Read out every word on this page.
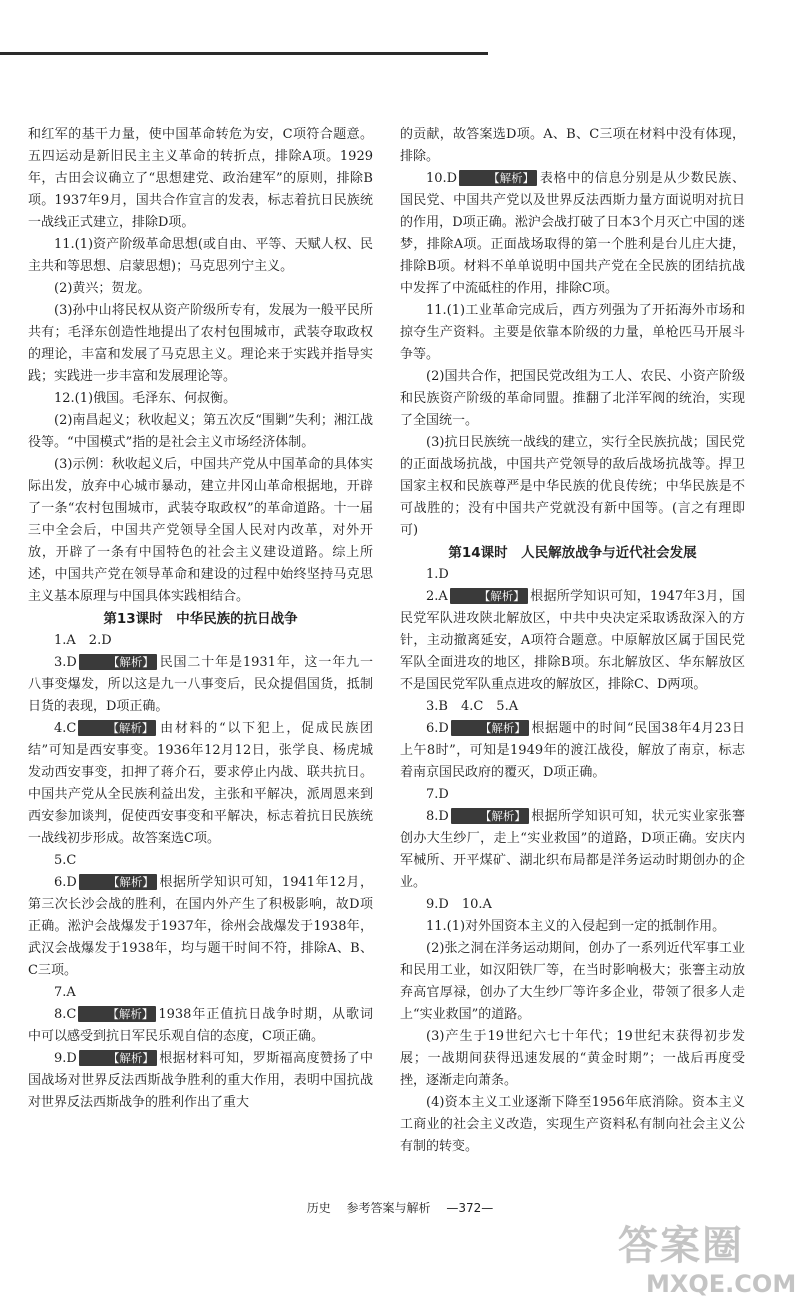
和红军的基干力量，使中国革命转危为安，C项符合题意。五四运动是新旧民主主义革命的转折点，排除A项。1929年，古田会议确立了“思想建党、政治建军”的原则，排除B项。1937年9月，国共合作宣言的发表，标志着抗日民族统一战线正式建立，排除D项。

11.(1)资产阶级革命思想(或自由、平等、天赋人权、民主共和等思想、启蒙思想)；马克思列宁主义。

(2)黄兴；贺龙。

(3)孙中山将民权从资产阶级所专有，发展为一般平民所共有；毛泽东创造性地提出了农村包围城市，武装夺取政权的理论，丰富和发展了马克思主义。理论来于实践并指导实践；实践进一步丰富和发展理论等。

12.(1)俄国。毛泽东、何叔衡。

(2)南昌起义；秋收起义；第五次反“围剿”失利；湘江战役等。“中国模式”指的是社会主义市场经济体制。

(3)示例：秋收起义后，中国共产党从中国革命的具体实际出发，放弃中心城市暴动，建立井冈山革命根据地，开辟了一条“农村包围城市，武装夺取政权”的革命道路。十一届三中全会后，中国共产党领导全国人民对内改革，对外开放，开辟了一条有中国特色的社会主义建设道路。综上所述，中国共产党在领导革命和建设的过程中始终坚持马克思主义基本原理与中国具体实践相结合。

第13课时　中华民族的抗日战争

1.A　2.D

3.D	【解析】 民国二十年是1931年，这一年九一八事变爆发，所以这是九一八事变后，民众提倡国货，抵制日货的表现，D项正确。

4.C	【解析】 由材料的“以下犯上，促成民族团结”可知是西安事变。1936年12月12日，张学良、杨虎城发动西安事变，扣押了蒋介石，要求停止内战、联共抗日。中国共产党从全民族利益出发，主张和平解决，派周恩来到西安参加谈判，促使西安事变和平解决，标志着抗日民族统一战线初步形成。故答案选C项。

5.C

6.D	【解析】 根据所学知识可知，1941年12月，第三次长沙会战的胜利，在国内外产生了积极影响，故D项正确。淞沪会战爆发于1937年，徐州会战爆发于1938年，武汉会战爆发于1938年，均与题干时间不符，排除A、B、C三项。

7.A

8.C	【解析】 1938年正值抗日战争时期，从歌词中可以感受到抗日军民乐观自信的态度，C项正确。

9.D	【解析】 根据材料可知，罗斯福高度赞扬了中国战场对世界反法西斯战争胜利的重大作用，表明中国抗战对世界反法西斯战争的胜利作出了重大

的贡献，故答案选D项。A、B、C三项在材料中没有体现，排除。

10.D	【解析】 表格中的信息分别是从少数民族、国民党、中国共产党以及世界反法西斯力量方面说明对抗日的作用，D项正确。淞沪会战打破了日本3个月灭亡中国的迷梦，排除A项。正面战场取得的第一个胜利是台儿庄大捷，排除B项。材料不单单说明中国共产党在全民族的团结抗战中发挥了中流砥柱的作用，排除C项。

11.(1)工业革命完成后，西方列强为了开拓海外市场和掠夺生产资料。主要是依靠本阶级的力量，单枪匹马开展斗争等。

(2)国共合作，把国民党改组为工人、农民、小资产阶级和民族资产阶级的革命同盟。推翻了北洋军阀的统治，实现了全国统一。

(3)抗日民族统一战线的建立，实行全民族抗战；国民党的正面战场抗战，中国共产党领导的敌后战场抗战等。捍卫国家主权和民族尊严是中华民族的优良传统；中华民族是不可战胜的；没有中国共产党就没有新中国等。(言之有理即可)

第14课时　人民解放战争与近代社会发展

1.D

2.A	【解析】 根据所学知识可知，1947年3月，国民党军队进攻陕北解放区，中共中央决定采取诱敌深入的方针，主动撤离延安，A项符合题意。中原解放区属于国民党军队全面进攻的地区，排除B项。东北解放区、华东解放区不是国民党军队重点进攻的解放区，排除C、D两项。

3.B　4.C　5.A

6.D	【解析】 根据题中的时间“民国38年4月23日上午8时”，可知是1949年的渡江战役，解放了南京，标志着南京国民政府的覆灭，D项正确。

7.D

8.D	【解析】 根据所学知识可知，状元实业家张謇创办大生纱厂，走上“实业救国”的道路，D项正确。安庆内军械所、开平煤矿、湖北织布局都是洋务运动时期创办的企业。

9.D　10.A

11.(1)对外国资本主义的入侵起到一定的抵制作用。

(2)张之洞在洋务运动期间，创办了一系列近代军事工业和民用工业，如汉阳铁厂等，在当时影响极大；张謇主动放弃高官厚禄，创办了大生纱厂等许多企业，带领了很多人走上“实业救国”的道路。

(3)产生于19世纪六七十年代；19世纪末获得初步发展；一战期间获得迅速发展的“黄金时期”；一战后再度受挫，逐渐走向萧条。

(4)资本主义工业逐渐下降至1956年底消除。资本主义工商业的社会主义改造，实现生产资料私有制向社会主义公有制的转变。

历史 参考答案与解析 —372—
答案圈
MXQE.COM
